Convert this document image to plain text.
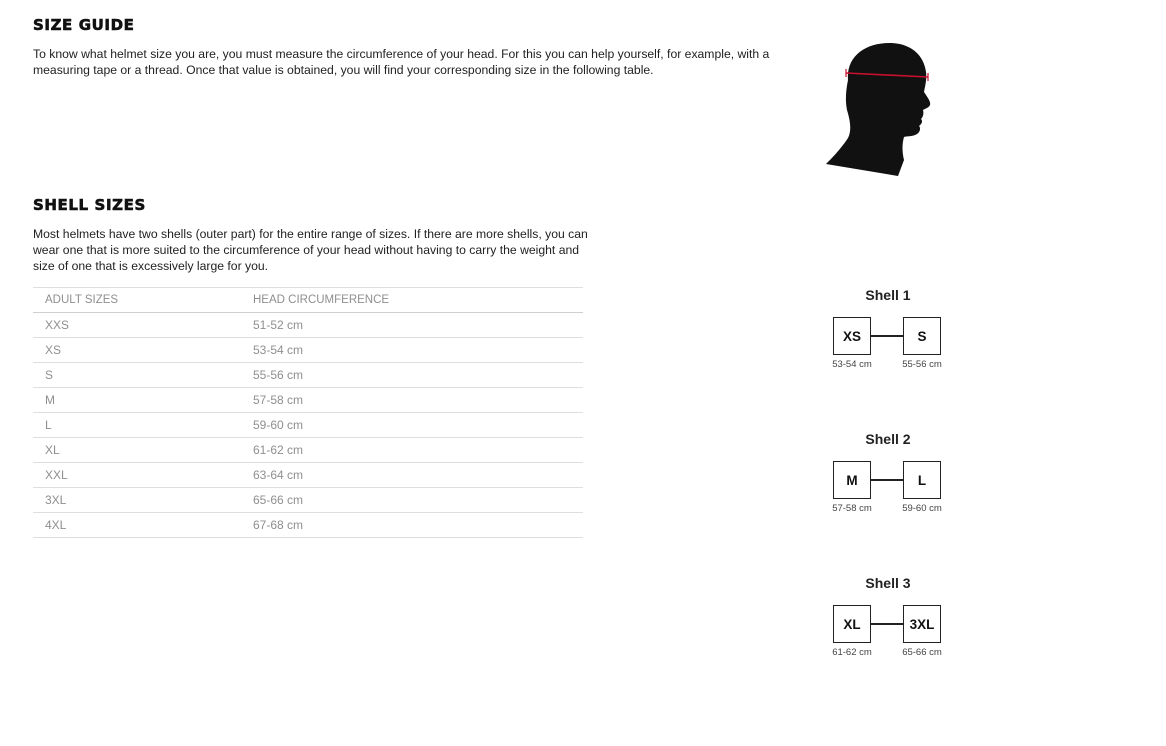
SIZE GUIDE

To know what helmet size you are, you must measure the circumference of your head. For this you can help yourself, for example, with a measuring tape or a thread. Once that value is obtained, you will find your corresponding size in the following table.

SHELL SIZES

Most helmets have two shells (outer part) for the entire range of sizes. If there are more shells, you can wear one that is more suited to the circumference of your head without having to carry the weight and size of one that is excessively large for you.

ADULT SIZES	HEAD CIRCUMFERENCE
XXS	51-52 cm
XS	53-54 cm
S	55-56 cm
M	57-58 cm
L	59-60 cm
XL	61-62 cm
XXL	63-64 cm
3XL	65-66 cm
4XL	67-68 cm
Shell 1
XS	S
53-54 cm	55-56 cm
Shell 2
M	L
57-58 cm	59-60 cm
Shell 3
XL	3XL
61-62 cm	65-66 cm
